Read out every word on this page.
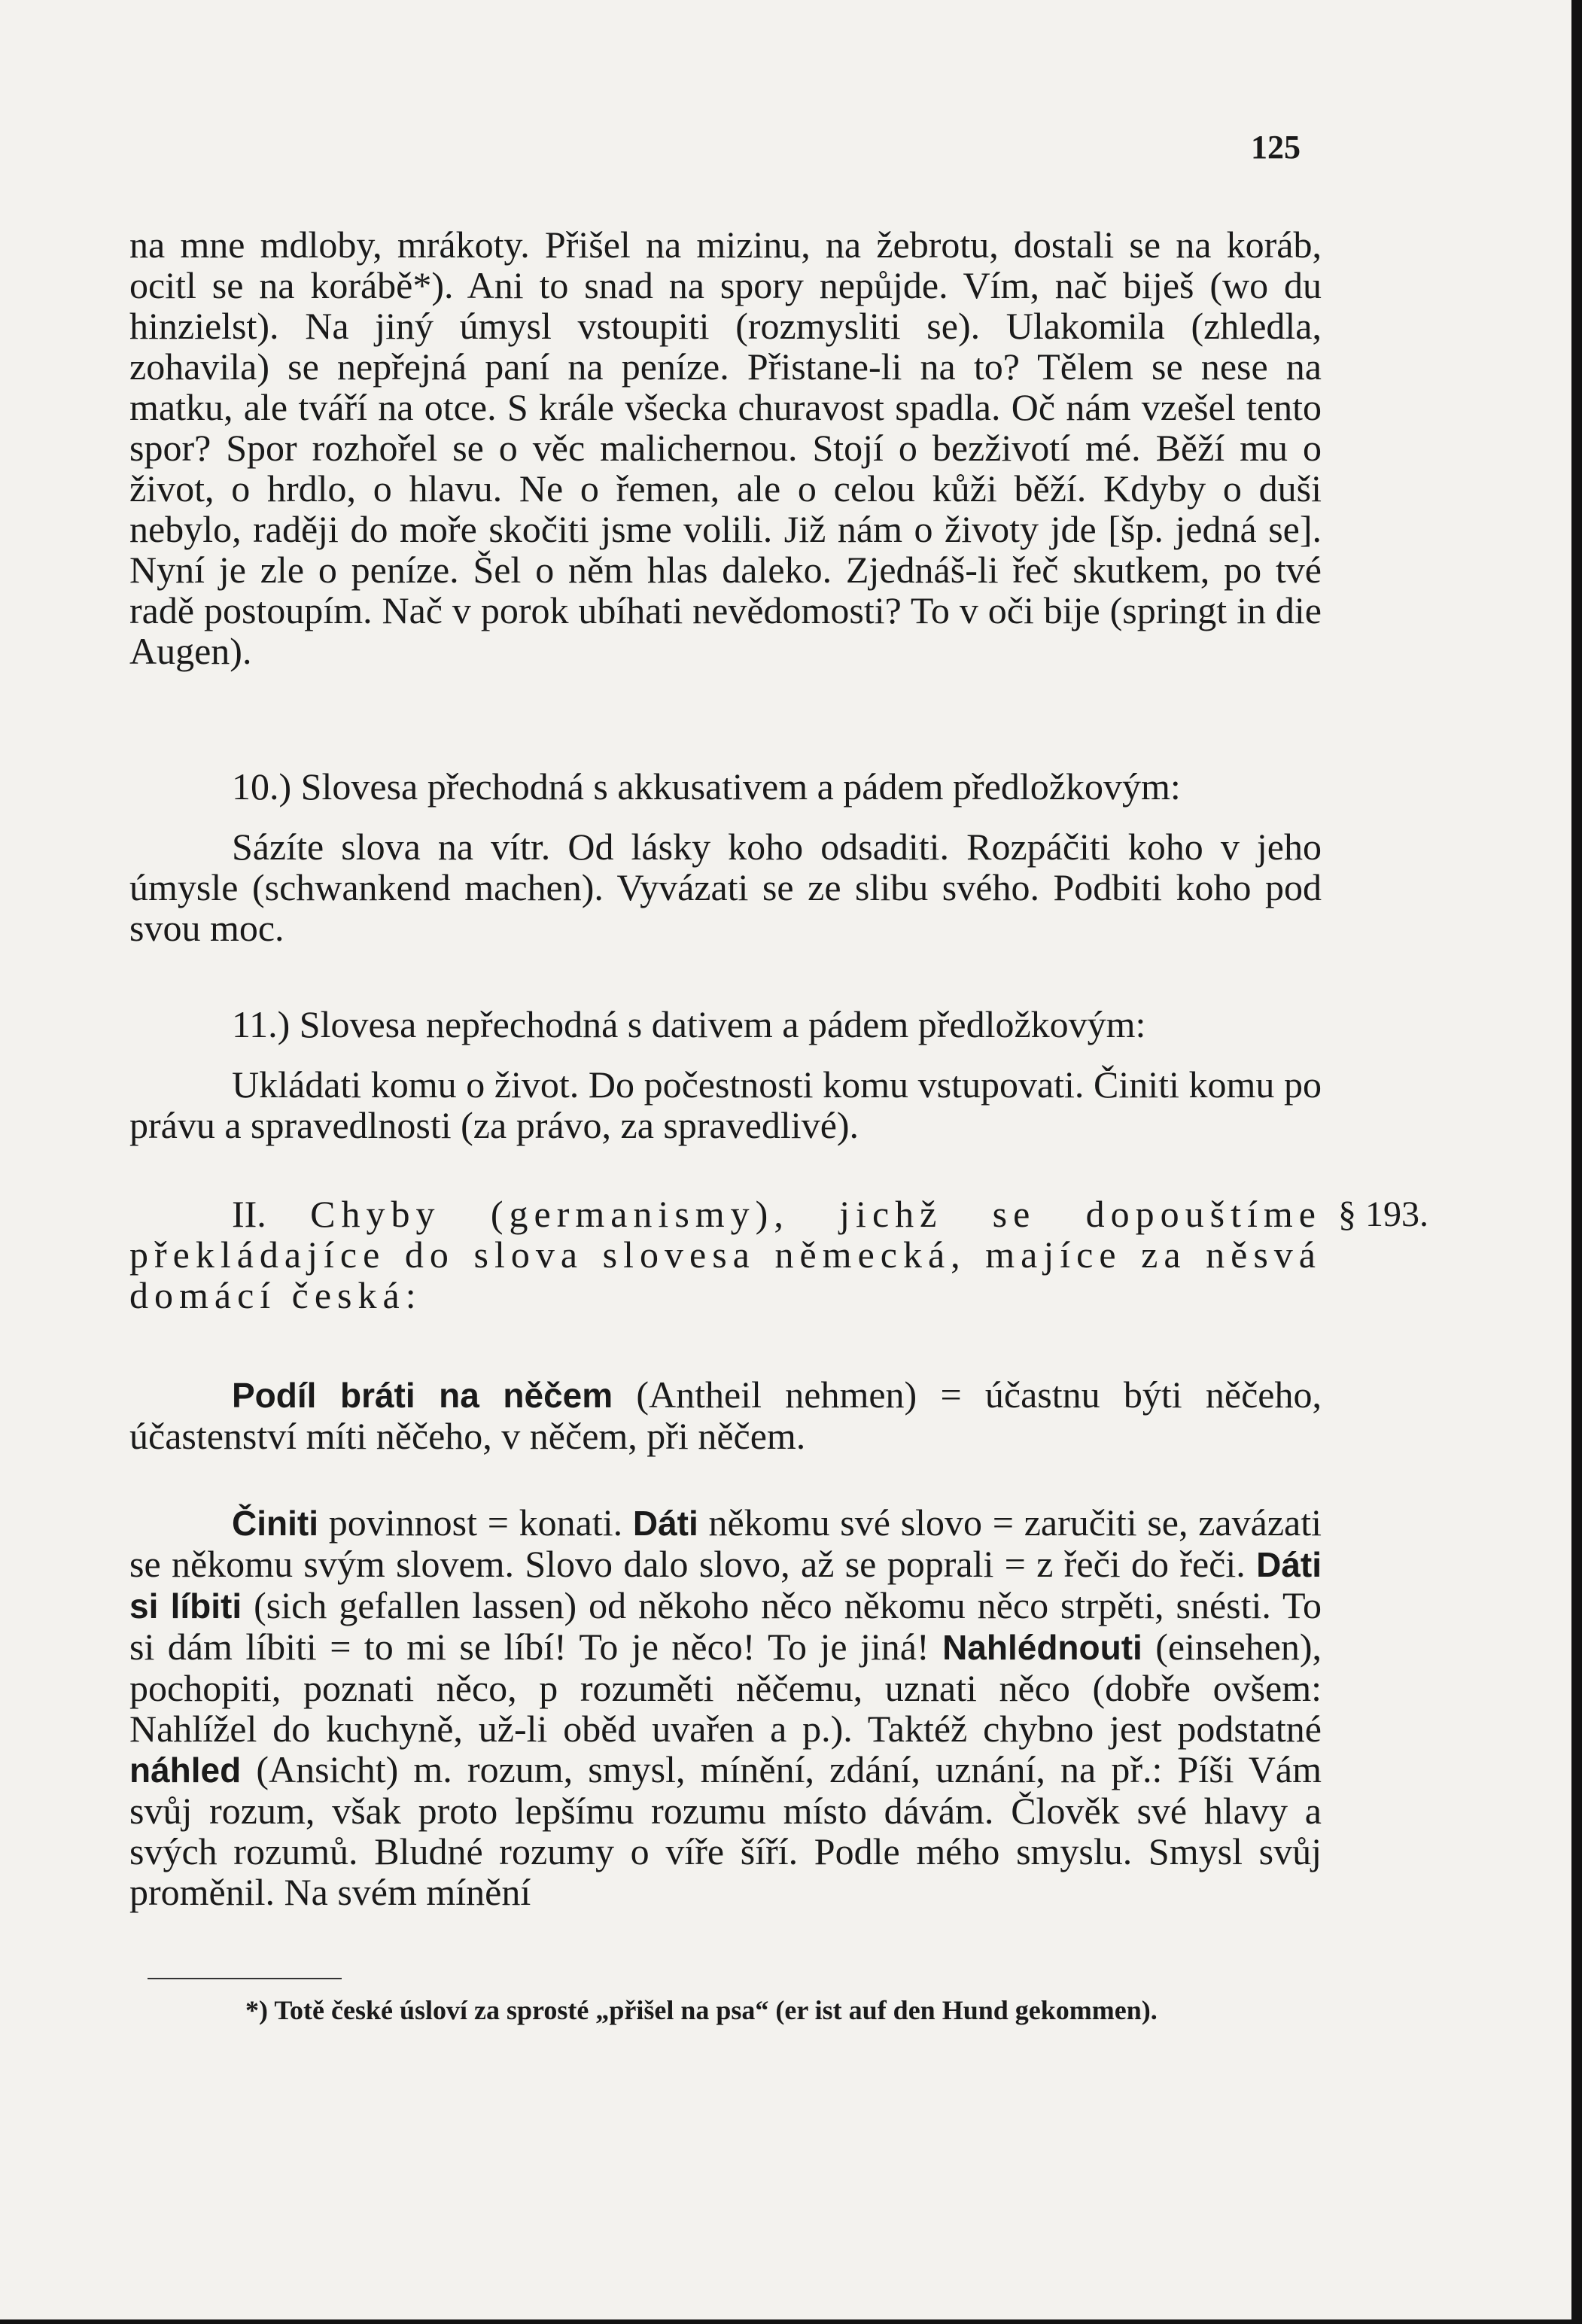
125

na mne mdloby, mrákoty. Přišel na mizinu, na žebrotu, dostali se na koráb, ocitl se na korábě*). Ani to snad na spory nepůjde. Vím, nač biješ (wo du hinzielst). Na jiný úmysl vstoupiti (rozmysliti se). Ulakomila (zhledla, zohavila) se nepřejná paní na peníze. Přistane-li na to? Tělem se nese na matku, ale tváří na otce. S krále všecka churavost spadla. Oč nám vzešel tento spor? Spor rozhořel se o věc malichernou. Stojí o bezživotí mé. Běží mu o život, o hrdlo, o hlavu. Ne o řemen, ale o celou kůži běží. Kdyby o duši nebylo, raději do moře skočiti jsme volili. Již nám o životy jde [šp. jedná se]. Nyní je zle o peníze. Šel o něm hlas daleko. Zjednáš-li řeč skutkem, po tvé radě postoupím. Nač v porok ubíhati nevědomosti? To v oči bije (springt in die Augen).

10.) Slovesa přechodná s akkusativem a pádem předložkovým:

Sázíte slova na vítr. Od lásky koho odsaditi. Rozpáčiti koho v jeho úmysle (schwankend machen). Vyvázati se ze slibu svého. Podbiti koho pod svou moc.

11.) Slovesa nepřechodná s dativem a pádem předložkovým:

Ukládati komu o život. Do počestnosti komu vstupovati. Činiti komu po právu a spravedlnosti (za právo, za spravedlivé).

II. Chyby (germanismy), jichž se dopouštíme překládajíce do slova slovesa německá, majíce za něsvá domácí česká:

§ 193.

Podíl bráti na něčem (Antheil nehmen) = účastnu býti něčeho, účastenství míti něčeho, v něčem, při něčem.

Činiti povinnost = konati. Dáti někomu své slovo = zaručiti se, zavázati se někomu svým slovem. Slovo dalo slovo, až se poprali = z řeči do řeči. Dáti si líbiti (sich gefallen lassen) od někoho něco někomu něco strpěti, snésti. To si dám líbiti = to mi se líbí! To je něco! To je jiná! Nahlédnouti (einsehen), pochopiti, poznati něco, p rozuměti něčemu, uznati něco (dobře ovšem: Nahlížel do kuchyně, už-li oběd uvařen a p.). Taktéž chybno jest podstatné náhled (Ansicht) m. rozum, smysl, mínění, zdání, uznání, na př.: Píši Vám svůj rozum, však proto lepšímu rozumu místo dávám. Člověk své hlavy a svých rozumů. Bludné rozumy o víře šíří. Podle mého smyslu. Smysl svůj proměnil. Na svém mínění

*) Totě české úsloví za sprosté „přišel na psa“ (er ist auf den Hund gekommen).
